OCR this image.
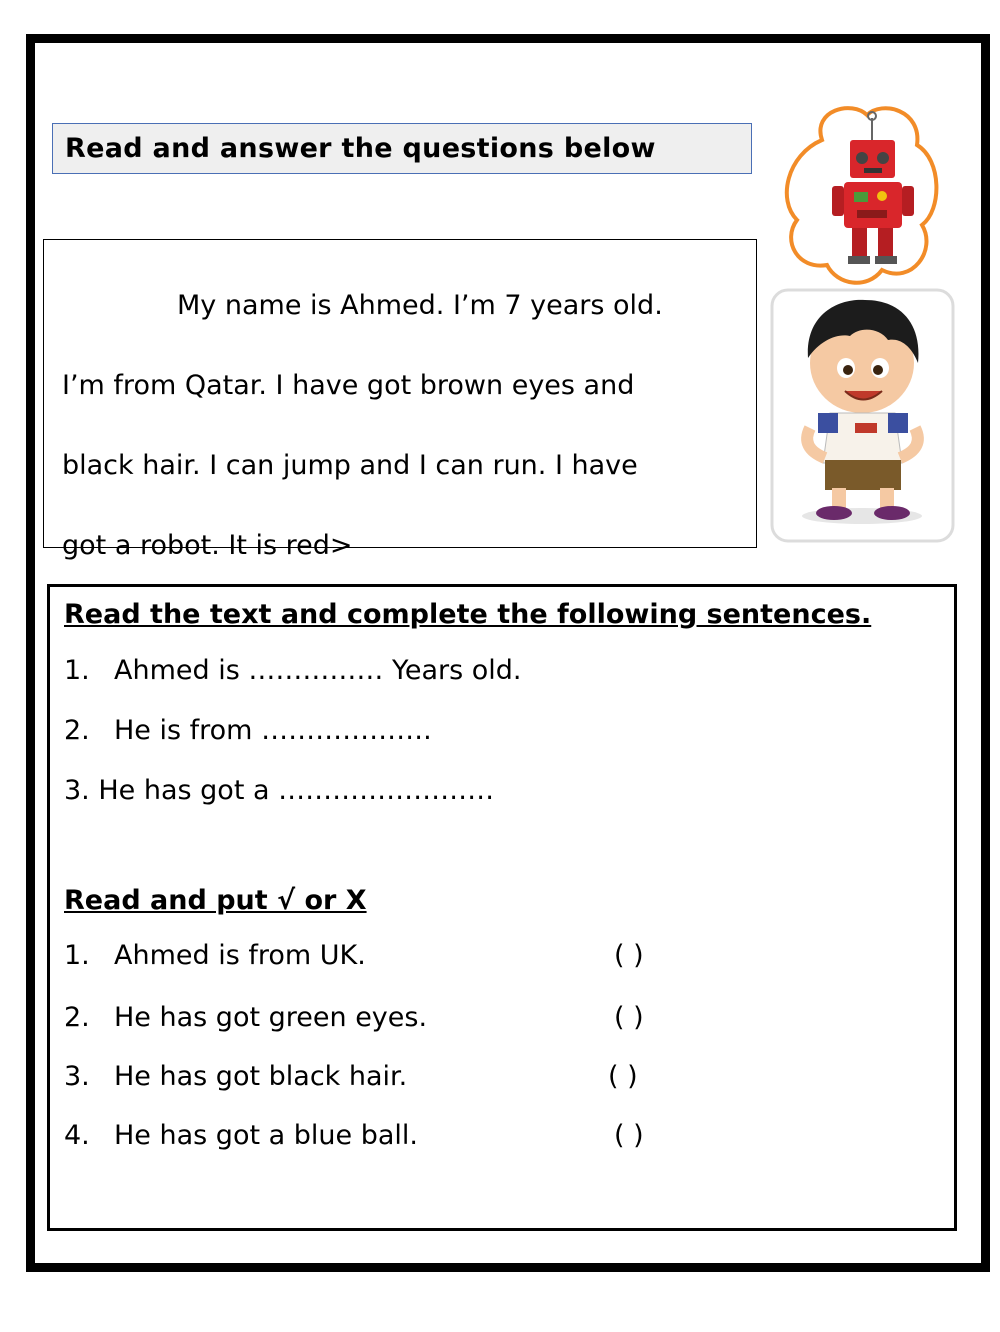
Read and answer the questions below
My name is Ahmed. I’m 7 years old.
I’m from Qatar. I have got brown eyes and
black hair. I can jump and I can run. I have
got a robot. It is red>
Read the text and complete the following sentences.
1. Ahmed is …………… Years old.
2. He is from ……………….
3. He has got a ……………………
Read and put √ or X
1. Ahmed is from UK.	( )
2. He has got green eyes.	( )
3. He has got black hair.	( )
4. He has got a blue ball.	( )
